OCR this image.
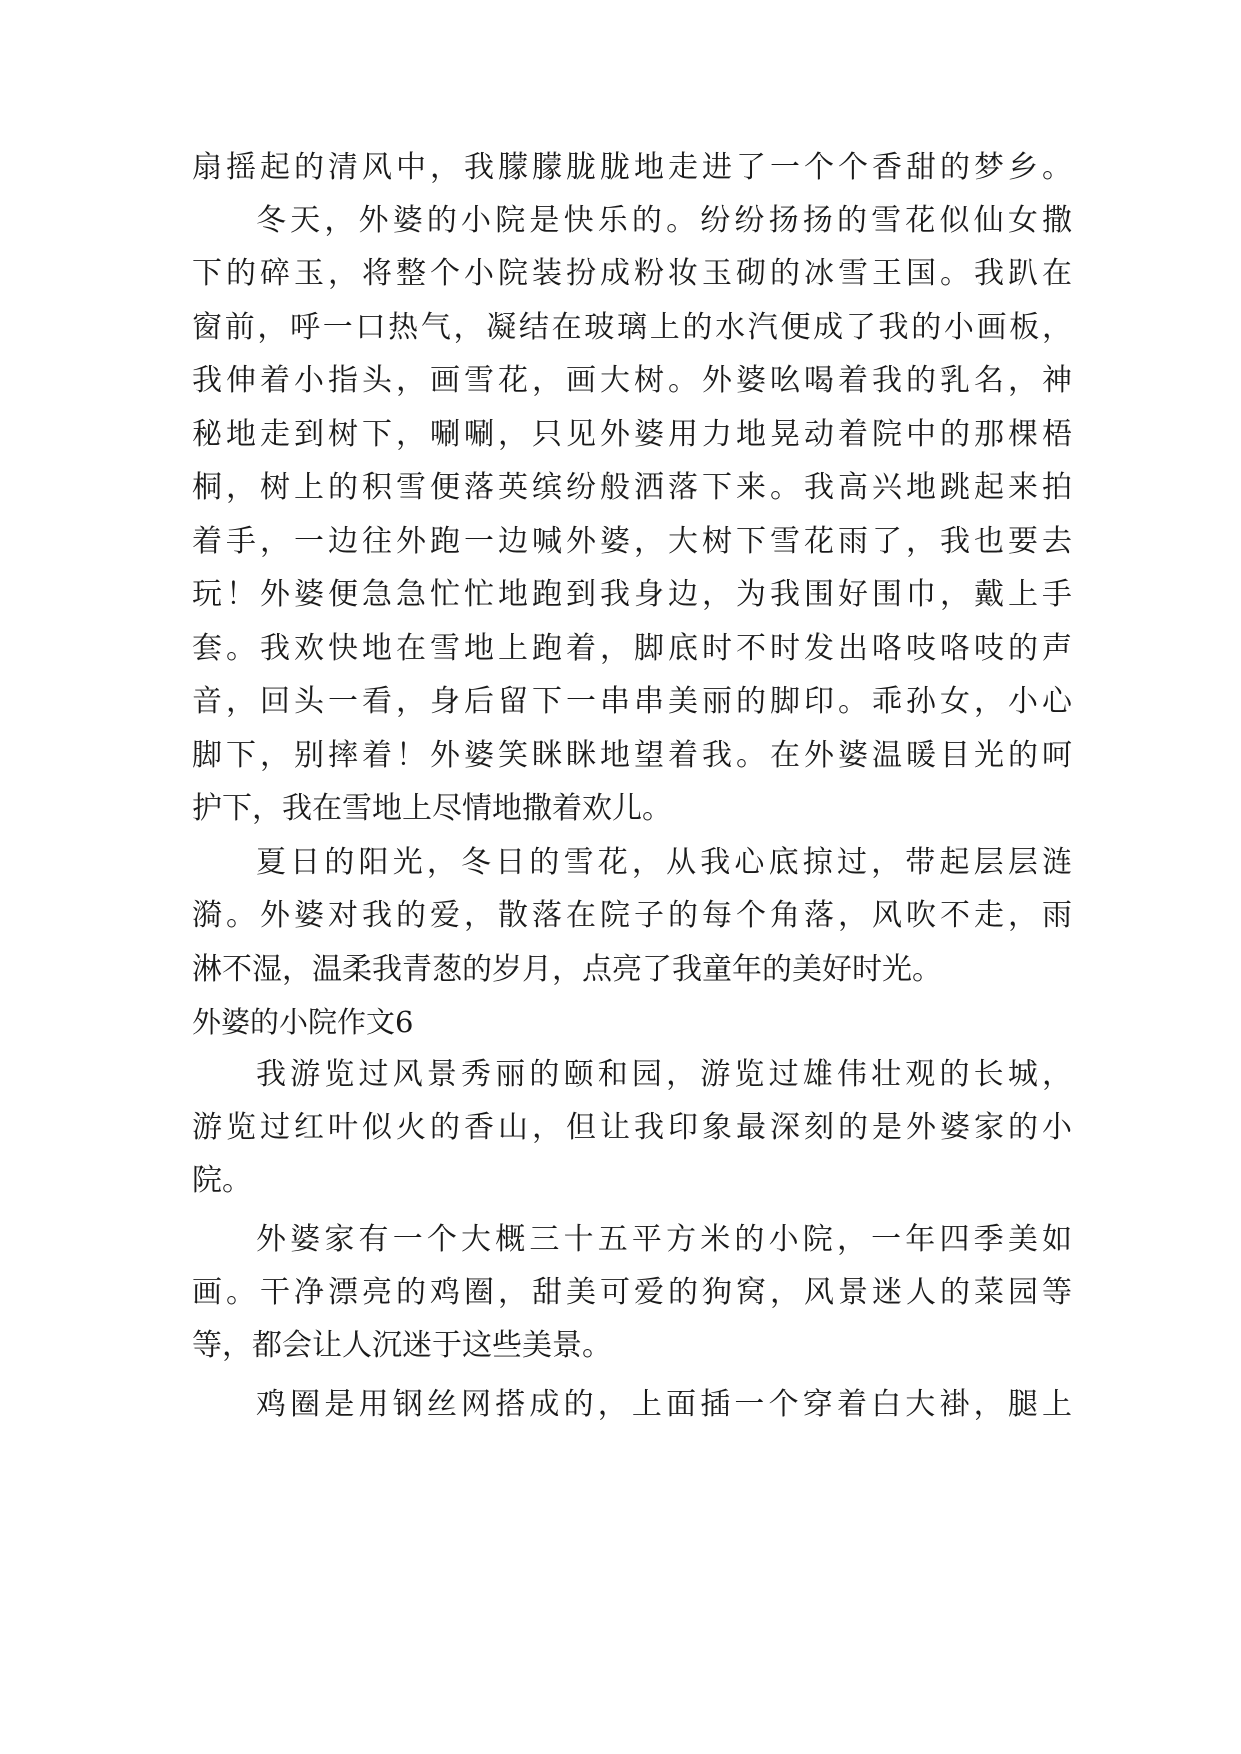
扇摇起的清风中，我朦朦胧胧地走进了一个个香甜的梦乡。
冬天，外婆的小院是快乐的。纷纷扬扬的雪花似仙女撒
下的碎玉，将整个小院装扮成粉妆玉砌的冰雪王国。我趴在
窗前，呼一口热气，凝结在玻璃上的水汽便成了我的小画板，
我伸着小指头，画雪花，画大树。外婆吆喝着我的乳名，神
秘地走到树下，唰唰，只见外婆用力地晃动着院中的那棵梧
桐，树上的积雪便落英缤纷般洒落下来。我高兴地跳起来拍
着手，一边往外跑一边喊外婆，大树下雪花雨了，我也要去
玩！外婆便急急忙忙地跑到我身边，为我围好围巾，戴上手
套。我欢快地在雪地上跑着，脚底时不时发出咯吱咯吱的声
音，回头一看，身后留下一串串美丽的脚印。乖孙女，小心
脚下，别摔着！外婆笑眯眯地望着我。在外婆温暖目光的呵
护下，我在雪地上尽情地撒着欢儿。
夏日的阳光，冬日的雪花，从我心底掠过，带起层层涟
漪。外婆对我的爱，散落在院子的每个角落，风吹不走，雨
淋不湿，温柔我青葱的岁月，点亮了我童年的美好时光。
外婆的小院作文6
我游览过风景秀丽的颐和园，游览过雄伟壮观的长城，
游览过红叶似火的香山，但让我印象最深刻的是外婆家的小
院。
外婆家有一个大概三十五平方米的小院，一年四季美如
画。干净漂亮的鸡圈，甜美可爱的狗窝，风景迷人的菜园等
等，都会让人沉迷于这些美景。
鸡圈是用钢丝网搭成的，上面插一个穿着白大褂，腿上
